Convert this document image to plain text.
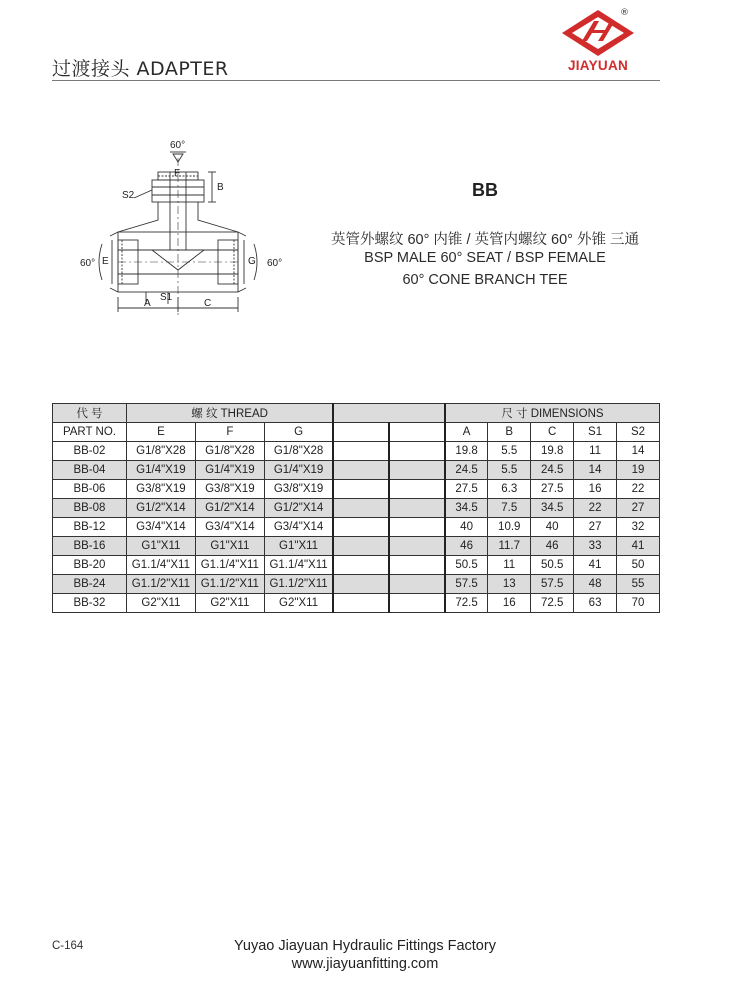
过渡接头 ADAPTER	JIAYUAN
®
60°
F
B
S2
60°	60°
E	G
A
S1
C
BB
英管外螺纹 60° 内锥 / 英管内螺纹 60° 外锥 三通
BSP MALE 60° SEAT / BSP FEMALE
60° CONE BRANCH TEE
代 号	螺 纹 THREAD					尺 寸 DIMENSIONS				
PART NO.	E	F	G			A	B	C	S1	S2
BB-02	G1/8"X28	G1/8"X28	G1/8"X28			19.8	5.5	19.8	11	14
BB-04	G1/4"X19	G1/4"X19	G1/4"X19			24.5	5.5	24.5	14	19
BB-06	G3/8"X19	G3/8"X19	G3/8"X19			27.5	6.3	27.5	16	22
BB-08	G1/2"X14	G1/2"X14	G1/2"X14			34.5	7.5	34.5	22	27
BB-12	G3/4"X14	G3/4"X14	G3/4"X14			40	10.9	40	27	32
BB-16	G1"X11	G1"X11	G1"X11			46	11.7	46	33	41
BB-20	G1.1/4"X11	G1.1/4"X11	G1.1/4"X11			50.5	11	50.5	41	50
BB-24	G1.1/2"X11	G1.1/2"X11	G1.1/2"X11			57.5	13	57.5	48	55
BB-32	G2"X11	G2"X11	G2"X11			72.5	16	72.5	63	70
C-164	Yuyao Jiayuan Hydraulic Fittings Factory
www.jiayuanfitting.com
